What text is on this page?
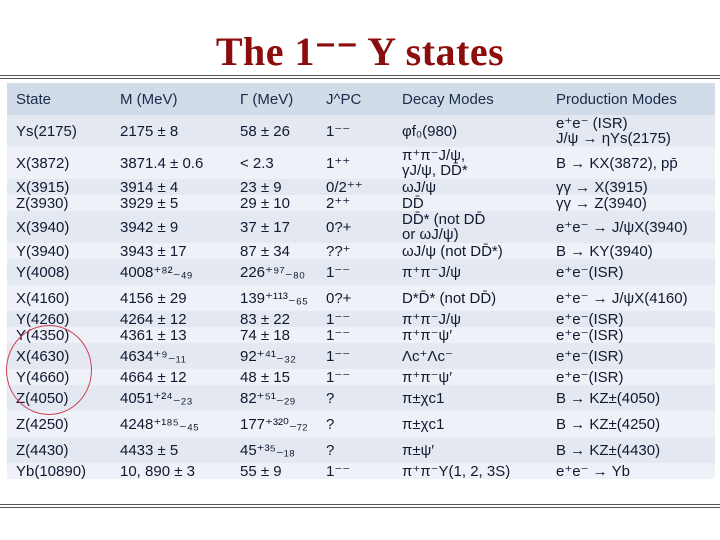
The 1⁻⁻ Y states
State	M (MeV)	Γ (MeV)	J^PC	Decay Modes	Production Modes
Ys(2175)	2175 ± 8	58 ± 26	1⁻⁻	φf₀(980)	e⁺e⁻ (ISR)
J/ψ → ηYs(2175)
X(3872)	3871.4 ± 0.6	< 2.3	1⁺⁺	π⁺π⁻J/ψ,
γJ/ψ, DD̄*	B → KX(3872), pp̄
X(3915)	3914 ± 4	23 ± 9	0/2⁺⁺	ωJ/ψ	γγ → X(3915)
Z(3930)	3929 ± 5	29 ± 10	2⁺⁺	DD̄	γγ → Z(3940)
X(3940)	3942 ± 9	37 ± 17	0?+	DD̄* (not DD̄
or ωJ/ψ)	e⁺e⁻ → J/ψX(3940)
Y(3940)	3943 ± 17	87 ± 34	??⁺	ωJ/ψ (not DD̄*)	B → KY(3940)
Y(4008)	4008⁺⁸²₋₄₉	226⁺⁹⁷₋₈₀	1⁻⁻	π⁺π⁻J/ψ	e⁺e⁻(ISR)
X(4160)	4156 ± 29	139⁺¹¹³₋₆₅	0?+	D*D̄* (not DD̄)	e⁺e⁻ → J/ψX(4160)
Y(4260)	4264 ± 12	83 ± 22	1⁻⁻	π⁺π⁻J/ψ	e⁺e⁻(ISR)
Y(4350)	4361 ± 13	74 ± 18	1⁻⁻	π⁺π⁻ψ′	e⁺e⁻(ISR)
X(4630)	4634⁺⁹₋₁₁	92⁺⁴¹₋₃₂	1⁻⁻	Λc⁺Λc⁻	e⁺e⁻(ISR)
Y(4660)	4664 ± 12	48 ± 15	1⁻⁻	π⁺π⁻ψ′	e⁺e⁻(ISR)
Z(4050)	4051⁺²⁴₋₂₃	82⁺⁵¹₋₂₉	?	π±χc1	B → KZ±(4050)
Z(4250)	4248⁺¹⁸⁵₋₄₅	177⁺³²⁰₋₇₂	?	π±χc1	B → KZ±(4250)
Z(4430)	4433 ± 5	45⁺³⁵₋₁₈	?	π±ψ′	B → KZ±(4430)
Yb(10890)	10, 890 ± 3	55 ± 9	1⁻⁻	π⁺π⁻Υ(1, 2, 3S)	e⁺e⁻ → Yb
